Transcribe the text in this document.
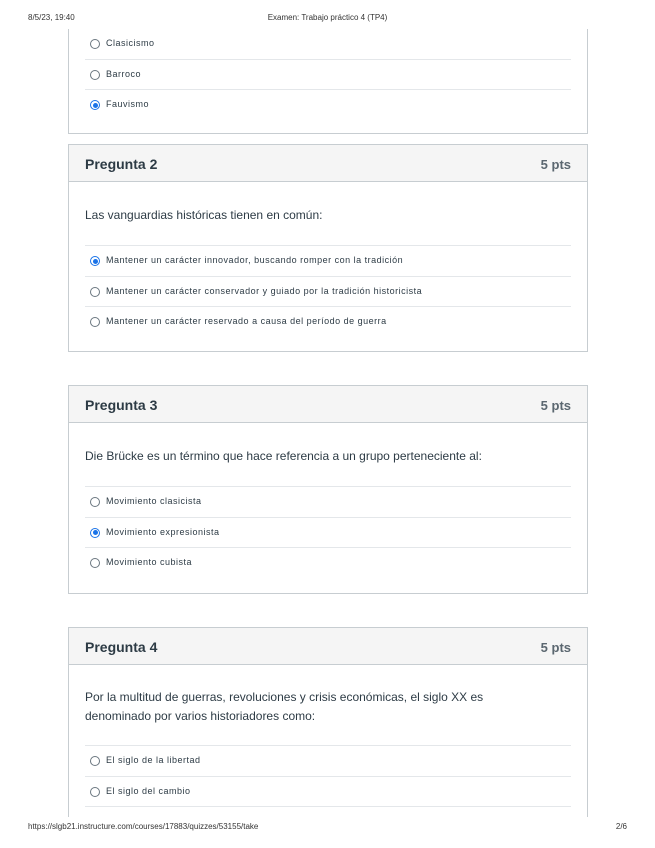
8/5/23, 19:40	Examen: Trabajo práctico 4 (TP4)
Clasicismo
Barroco
Fauvismo
Pregunta 2	5 pts
Las vanguardias históricas tienen en común:
Mantener un carácter innovador, buscando romper con la tradición
Mantener un carácter conservador y guiado por la tradición historicista
Mantener un carácter reservado a causa del período de guerra
Pregunta 3	5 pts
Die Brücke es un término que hace referencia a un grupo perteneciente al:
Movimiento clasicista
Movimiento expresionista
Movimiento cubista
Pregunta 4	5 pts
Por la multitud de guerras, revoluciones y crisis económicas, el siglo XX es denominado por varios historiadores como:
El siglo de la libertad
El siglo del cambio
https://slgb21.instructure.com/courses/17883/quizzes/53155/take	2/6
